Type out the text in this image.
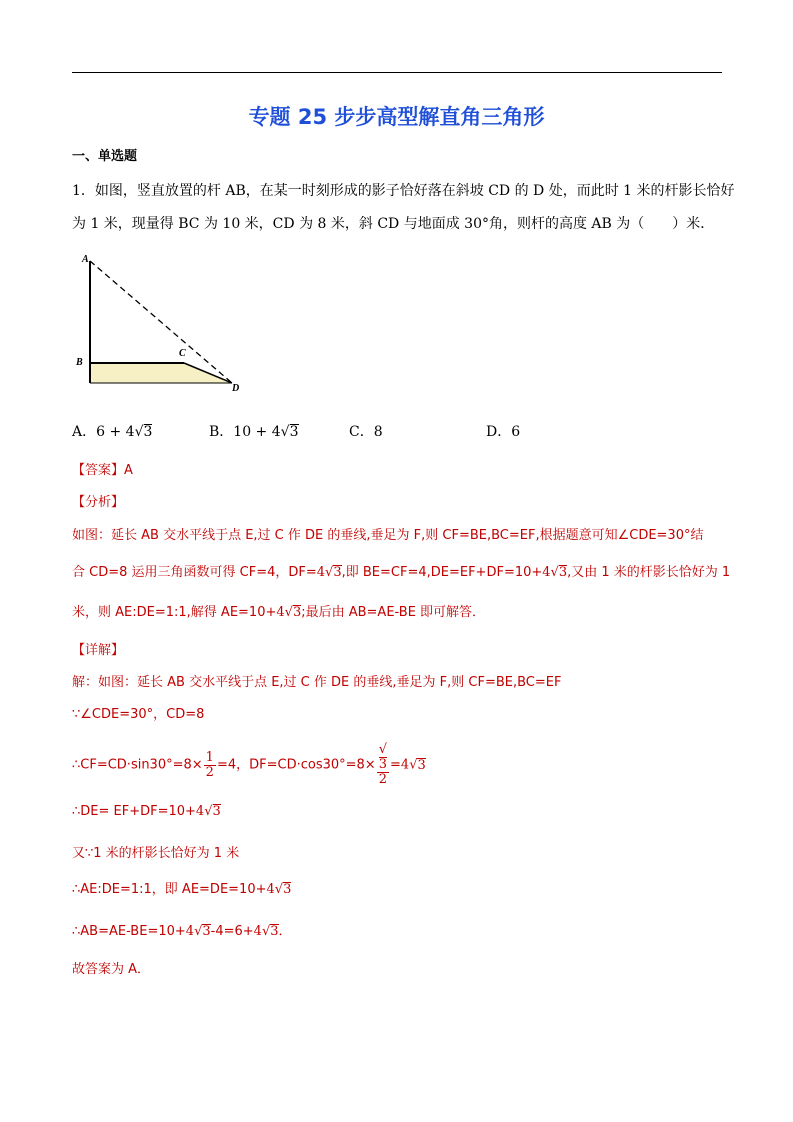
专题 25 步步高型解直角三角形
一、单选题
1．如图，竖直放置的杆 AB，在某一时刻形成的影子恰好落在斜坡 CD 的 D 处，而此时 1 米的杆影长恰好
为 1 米，现量得 BC 为 10 米，CD 为 8 米，斜 CD 与地面成 30°角，则杆的高度 AB 为（　　）米．
A
B
C
D
A．6 + 4√3	B．10 + 4√3	C．8	D．6
【答案】A
【分析】
如图：延长 AB 交水平线于点 E,过 C 作 DE 的垂线,垂足为 F,则 CF=BE,BC=EF,根据题意可知∠CDE=30°结
合 CD=8 运用三角函数可得 CF=4，DF=4√3,即 BE=CF=4,DE=EF+DF=10+4√3,又由 1 米的杆影长恰好为 1
米，则 AE:DE=1:1,解得 AE=10+4√3;最后由 AB=AE-BE 即可解答．
【详解】
解：如图：延长 AB 交水平线于点 E,过 C 作 DE 的垂线,垂足为 F,则 CF=BE,BC=EF
∵∠CDE=30°，CD=8
∴CF=CD·sin30°=8× $\frac{1}{2} =4$，DF=CD·cos30°=8× √
3
2 =4√3
∴DE= EF+DF=10+4√3
又∵1 米的杆影长恰好为 1 米
∴AE:DE=1:1，即 AE=DE=10+4√3
∴AB=AE-BE=10+4√3-4=6+4√3．
故答案为 A．
